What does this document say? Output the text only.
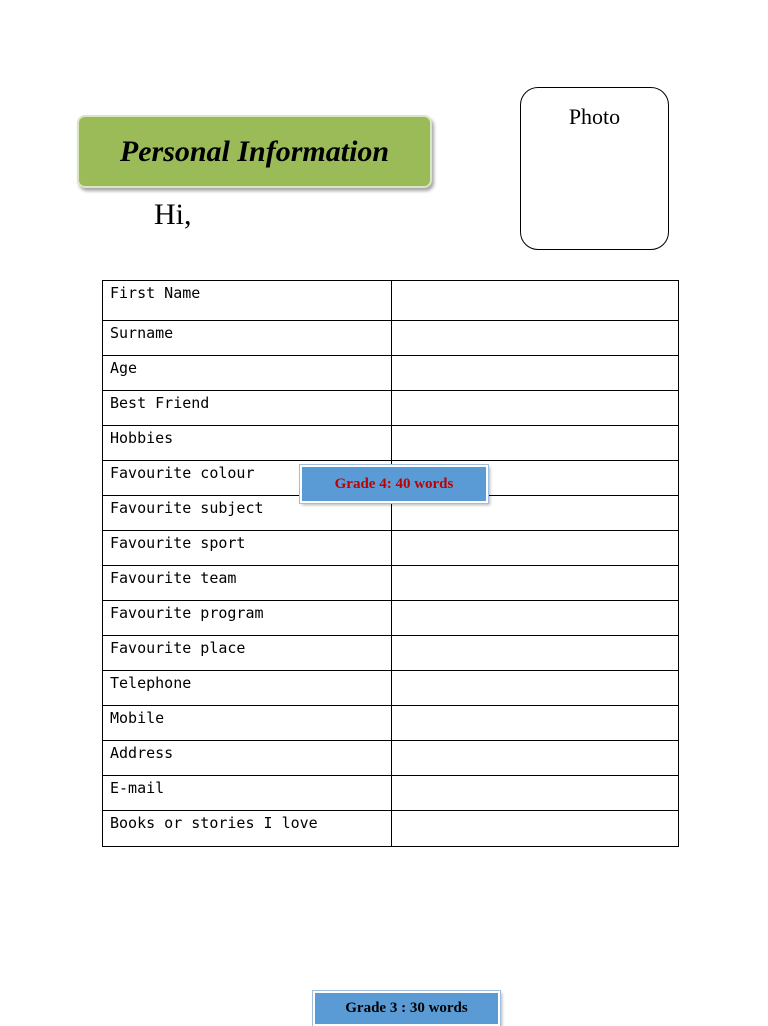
Personal Information
Hi,
Photo
First Name	
Surname	
Age	
Best Friend	
Hobbies	
Favourite colour	
Favourite subject	
Favourite sport	
Favourite team	
Favourite program	
Favourite place	
Telephone	
Mobile	
Address	
E-mail	
Books or stories I love	
Grade 4: 40 words
Grade 3 : 30 words
